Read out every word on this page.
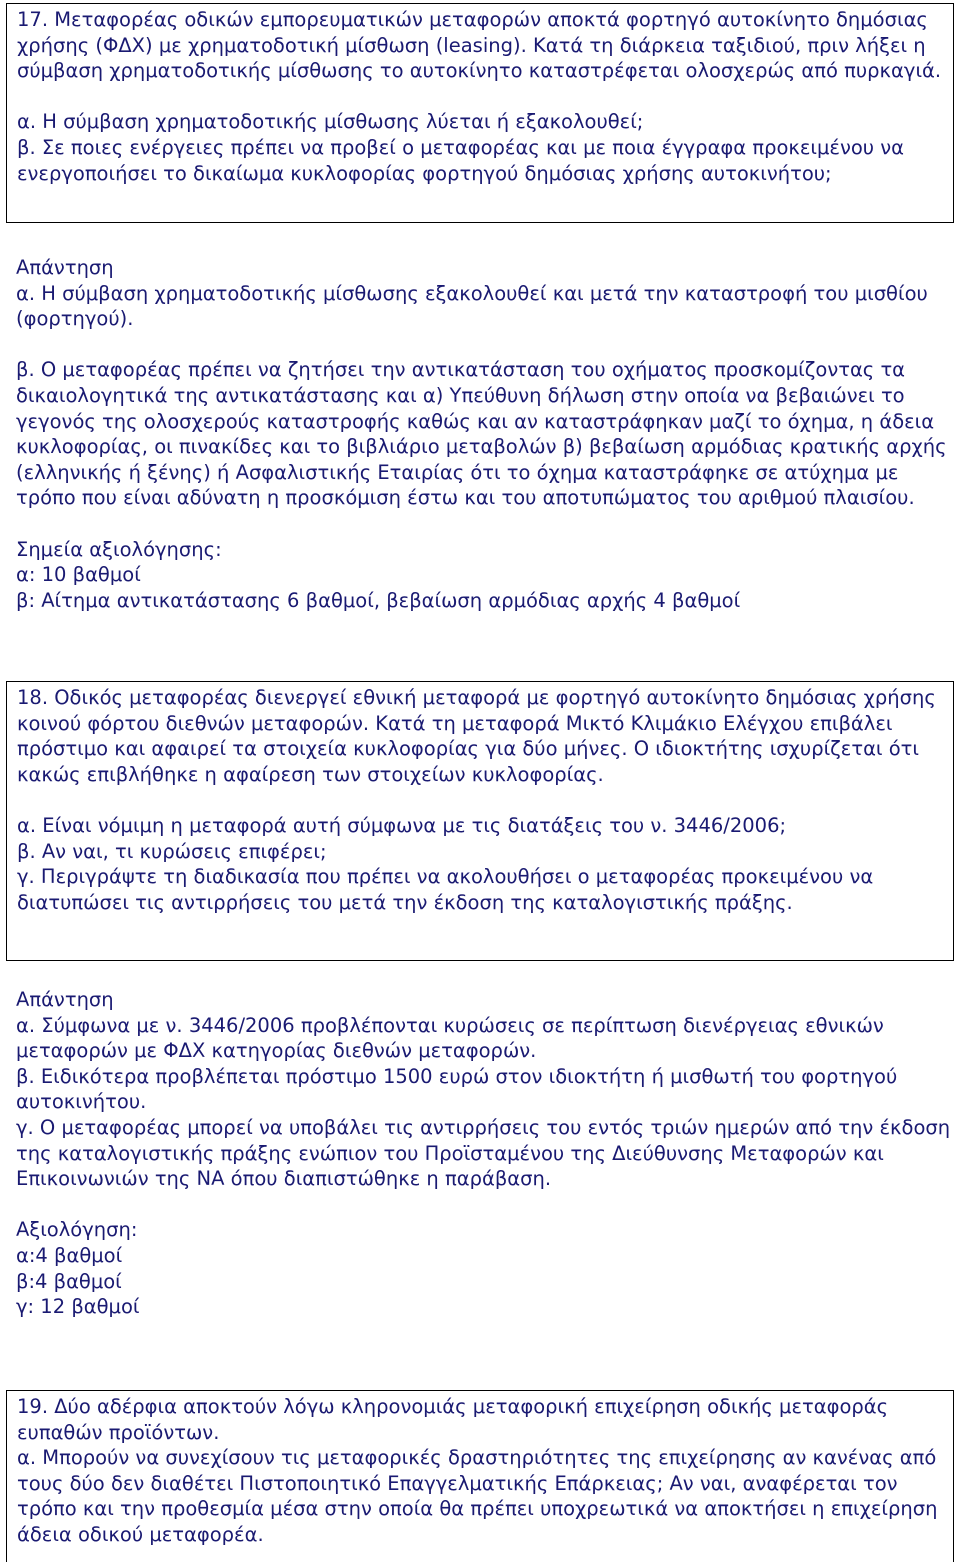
17. Μεταφορέας οδικών εμπορευματικών μεταφορών αποκτά φορτηγό αυτοκίνητο δημόσιας

χρήσης (ΦΔΧ) με χρηματοδοτική μίσθωση (leasing). Κατά τη διάρκεια ταξιδιού, πριν λήξει η

σύμβαση χρηματοδοτικής μίσθωσης το αυτοκίνητο καταστρέφεται ολοσχερώς από πυρκαγιά.

α. Η σύμβαση χρηματοδοτικής μίσθωσης λύεται ή εξακολουθεί;

β. Σε ποιες ενέργειες πρέπει να προβεί ο μεταφορέας και με ποια έγγραφα προκειμένου να

ενεργοποιήσει το δικαίωμα κυκλοφορίας φορτηγού δημόσιας χρήσης αυτοκινήτου;

Απάντηση

α. Η σύμβαση χρηματοδοτικής μίσθωσης εξακολουθεί και μετά την καταστροφή του μισθίου

(φορτηγού).

β. Ο μεταφορέας πρέπει να ζητήσει την αντικατάσταση του οχήματος προσκομίζοντας τα

δικαιολογητικά της αντικατάστασης και α) Υπεύθυνη δήλωση στην οποία να βεβαιώνει το

γεγονός της ολοσχερούς καταστροφής καθώς και αν καταστράφηκαν μαζί το όχημα, η άδεια

κυκλοφορίας, οι πινακίδες και το βιβλιάριο μεταβολών β) βεβαίωση αρμόδιας κρατικής αρχής

(ελληνικής ή ξένης) ή Ασφαλιστικής Εταιρίας ότι το όχημα καταστράφηκε σε ατύχημα με

τρόπο που είναι αδύνατη η προσκόμιση έστω και του αποτυπώματος του αριθμού πλαισίου.

Σημεία αξιολόγησης:

α: 10 βαθμοί

β: Αίτημα αντικατάστασης 6 βαθμοί, βεβαίωση αρμόδιας αρχής 4 βαθμοί

18. Οδικός μεταφορέας διενεργεί εθνική μεταφορά με φορτηγό αυτοκίνητο δημόσιας χρήσης

κοινού φόρτου διεθνών μεταφορών. Κατά τη μεταφορά Μικτό Κλιμάκιο Ελέγχου επιβάλει

πρόστιμο και αφαιρεί τα στοιχεία κυκλοφορίας για δύο μήνες. Ο ιδιοκτήτης ισχυρίζεται ότι

κακώς επιβλήθηκε η αφαίρεση των στοιχείων κυκλοφορίας.

α. Είναι νόμιμη η μεταφορά αυτή σύμφωνα με τις διατάξεις του ν. 3446/2006;

β. Αν ναι, τι κυρώσεις επιφέρει;

γ. Περιγράψτε τη διαδικασία που πρέπει να ακολουθήσει ο μεταφορέας προκειμένου να

διατυπώσει τις αντιρρήσεις του μετά την έκδοση της καταλογιστικής πράξης.

Απάντηση

α. Σύμφωνα με ν. 3446/2006 προβλέπονται κυρώσεις σε περίπτωση διενέργειας εθνικών

μεταφορών με ΦΔΧ κατηγορίας διεθνών μεταφορών.

β. Ειδικότερα προβλέπεται πρόστιμο 1500 ευρώ στον ιδιοκτήτη ή μισθωτή του φορτηγού

αυτοκινήτου.

γ. Ο μεταφορέας μπορεί να υποβάλει τις αντιρρήσεις του εντός τριών ημερών από την έκδοση

της καταλογιστικής πράξης ενώπιον του Προϊσταμένου της Διεύθυνσης Μεταφορών και

Επικοινωνιών της ΝΑ όπου διαπιστώθηκε η παράβαση.

Αξιολόγηση:

α:4 βαθμοί

β:4 βαθμοί

γ: 12 βαθμοί

19. Δύο αδέρφια αποκτούν λόγω κληρονομιάς μεταφορική επιχείρηση οδικής μεταφοράς

ευπαθών προϊόντων.

α. Μπορούν να συνεχίσουν τις μεταφορικές δραστηριότητες της επιχείρησης αν κανένας από

τους δύο δεν διαθέτει Πιστοποιητικό Επαγγελματικής Επάρκειας; Αν ναι, αναφέρεται τον

τρόπο και την προθεσμία μέσα στην οποία θα πρέπει υποχρεωτικά να αποκτήσει η επιχείρηση

άδεια οδικού μεταφορέα.
